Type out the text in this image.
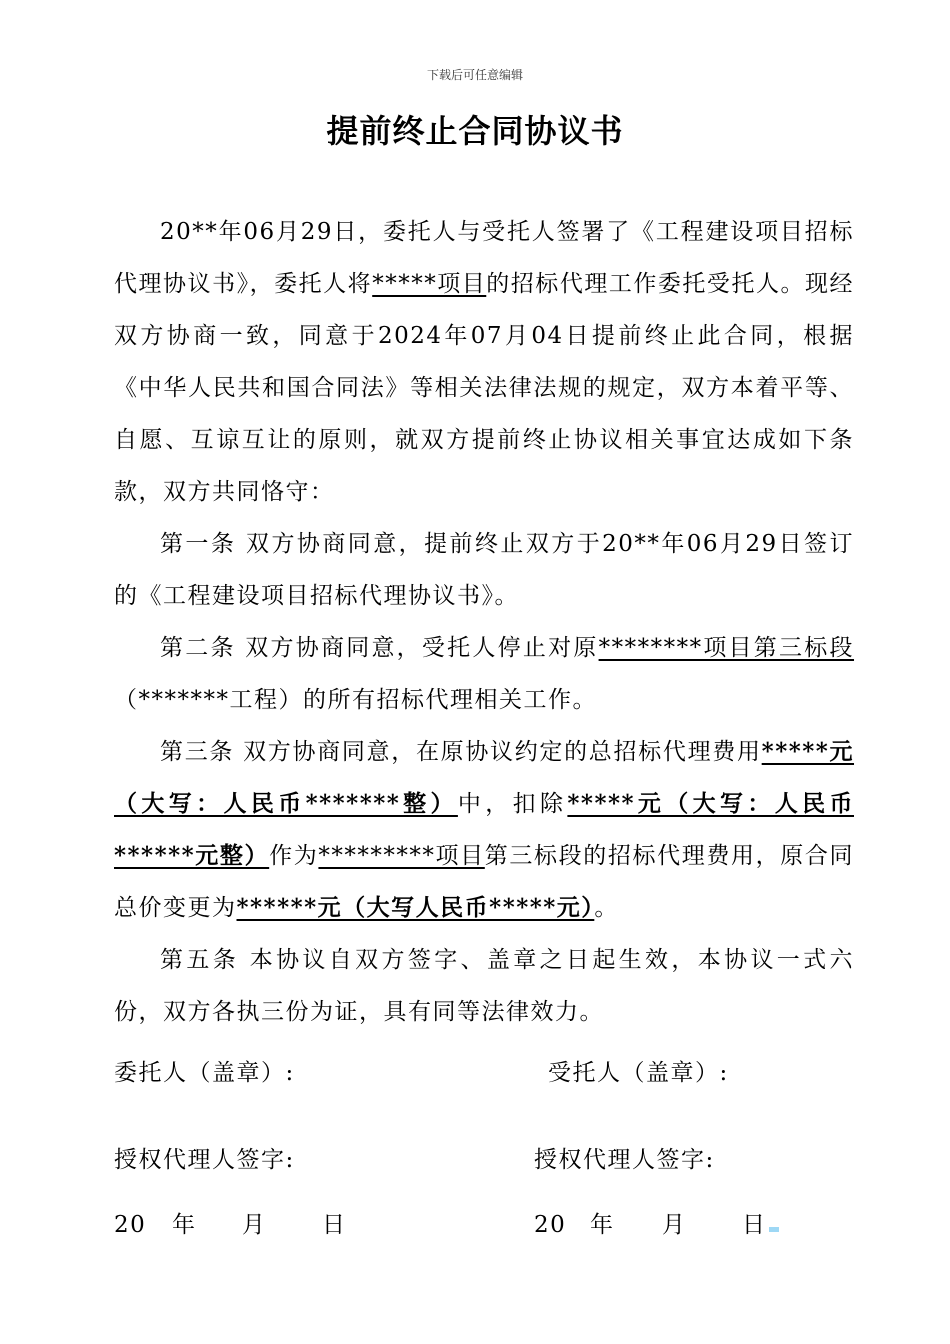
下载后可任意编辑
提前终止合同协议书

20**年06月29日，委托人与受托人签署了《工程建设项目招标代理协议书》，委托人将*****项目的招标代理工作委托受托人。现经双方协商一致，同意于2024年07月04日提前终止此合同，根据《中华人民共和国合同法》等相关法律法规的规定，双方本着平等、自愿、互谅互让的原则，就双方提前终止协议相关事宜达成如下条款，双方共同恪守：

第一条 双方协商同意，提前终止双方于20**年06月29日签订的《工程建设项目招标代理协议书》。

第二条 双方协商同意，受托人停止对原********项目第三标段（*******工程）的所有招标代理相关工作。

第三条 双方协商同意，在原协议约定的总招标代理费用*****元（大写：人民币*******整）中，扣除*****元（大写：人民币******元整）作为*********项目第三标段的招标代理费用，原合同总价变更为******元（大写人民币*****元）。

第五条 本协议自双方签字、盖章之日起生效，本协议一式六份，双方各执三份为证，具有同等法律效力。

委托人（盖章）:	受托人（盖章）:
授权代理人签字:	授权代理人签字:
20 年 月 日	20 年 月 日
